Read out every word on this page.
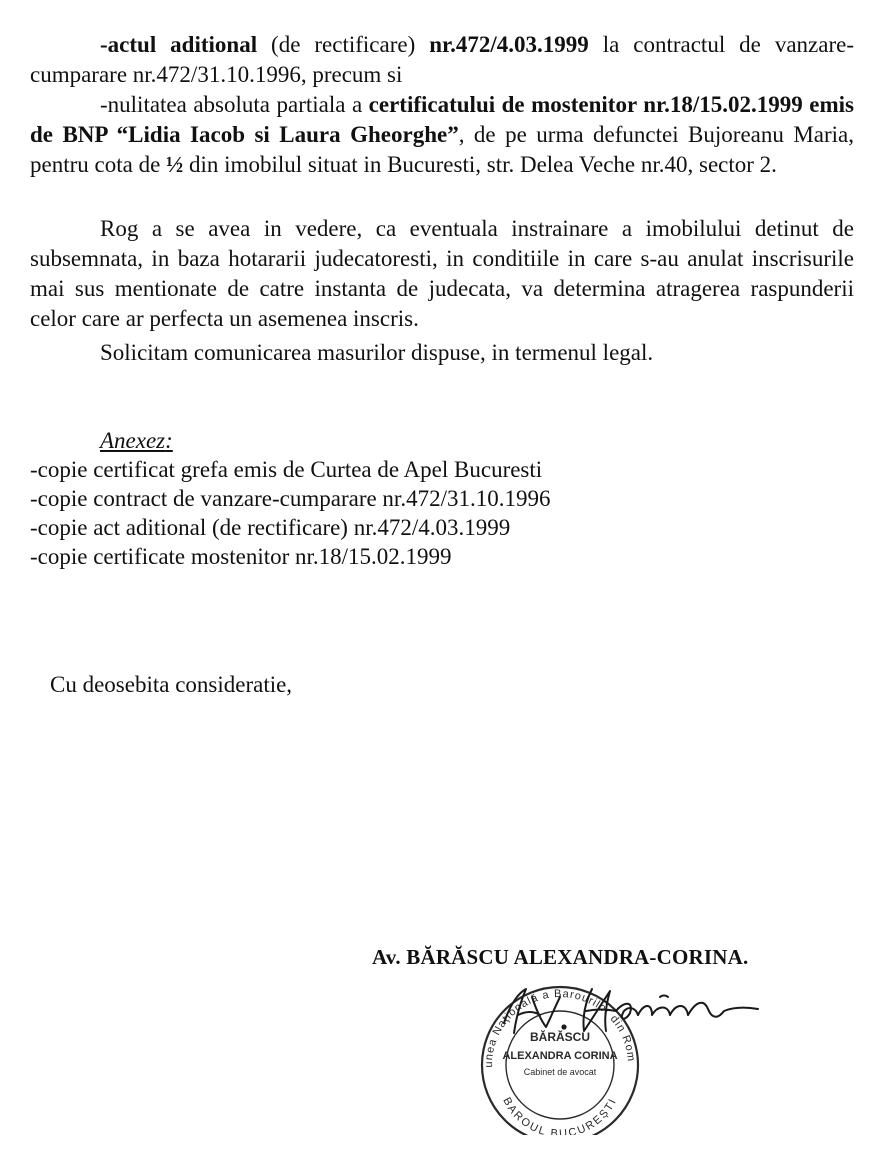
-actul aditional (de rectificare) nr.472/4.03.1999 la contractul de vanzare-cumparare nr.472/31.10.1996, precum si

-nulitatea absoluta partiala a certificatului de mostenitor nr.18/15.02.1999 emis de BNP “Lidia Iacob si Laura Gheorghe”, de pe urma defunctei Bujoreanu Maria, pentru cota de ½ din imobilul situat in Bucuresti, str. Delea Veche nr.40, sector 2.

Rog a se avea in vedere, ca eventuala instrainare a imobilului detinut de subsemnata, in baza hotararii judecatoresti, in conditiile in care s-au anulat inscrisurile mai sus mentionate de catre instanta de judecata, va determina atragerea raspunderii celor care ar perfecta un asemenea inscris.

Solicitam comunicarea masurilor dispuse, in termenul legal.

Anexez:

-copie certificat grefa emis de Curtea de Apel Bucuresti
-copie contract de vanzare-cumparare nr.472/31.10.1996
-copie act aditional (de rectificare) nr.472/4.03.1999
-copie certificate mostenitor nr.18/15.02.1999

Cu deosebita consideratie,

Av. BĂRĂSCU ALEXANDRA-CORINA.

unea Națională a Barourilor din Rom
BAROUL BUCUREȘTI
BĂRĂSCU
ALEXANDRA CORINA
Cabinet de avocat
